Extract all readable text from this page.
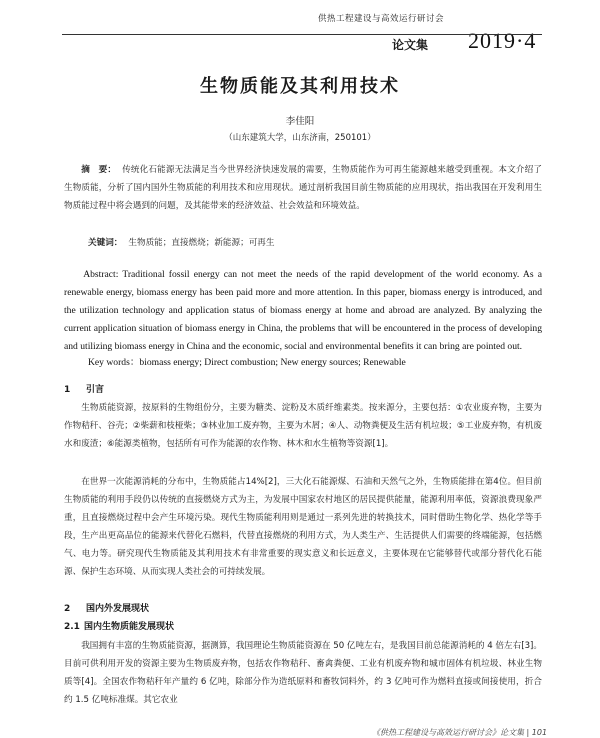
供热工程建设与高效运行研讨会
2019·4
论文集
生物质能及其利用技术
李佳阳
（山东建筑大学，山东济南，250101）
摘　要： 传统化石能源无法满足当今世界经济快速发展的需要，生物质能作为可再生能源越来越受到重视。本文介绍了生物质能，分析了国内国外生物质能的利用技术和应用现状。通过剖析我国目前生物质能的应用现状，指出我国在开发利用生物质能过程中将会遇到的问题，及其能带来的经济效益、社会效益和环境效益。
关键词： 生物质能；直接燃烧；新能源；可再生
Abstract: Traditional fossil energy can not meet the needs of the rapid development of the world economy. As a renewable energy, biomass energy has been paid more and more attention. In this paper, biomass energy is introduced, and the utilization technology and application status of biomass energy at home and abroad are analyzed. By analyzing the current application situation of biomass energy in China, the problems that will be encountered in the process of developing and utilizing biomass energy in China and the economic, social and environmental benefits it can bring are pointed out.
Key words：biomass energy; Direct combustion; New energy sources; Renewable
1 引言
生物质能资源，按原料的生物组份分，主要为糖类、淀粉及木质纤维素类。按来源分，主要包括：①农业废弃物，主要为作物秸秆、谷壳；②柴薪和枝桠柴；③林业加工废弃物，主要为木屑；④人、动物粪便及生活有机垃圾；⑤工业废弃物，有机废水和废渣；⑥能源类植物，包括所有可作为能源的农作物、林木和水生植物等资源[1]。
在世界一次能源消耗的分布中，生物质能占14%[2]，三大化石能源煤、石油和天然气之外，生物质能排在第4位。但目前生物质能的利用手段仍以传统的直接燃烧方式为主，为发展中国家农村地区的居民提供能量，能源利用率低，资源浪费现象严重，且直接燃烧过程中会产生环境污染。现代生物质能利用则是通过一系列先进的转换技术，同时借助生物化学、热化学等手段，生产出更高品位的能源来代替化石燃料，代替直接燃烧的利用方式，为人类生产、生活提供人们需要的终端能源，包括燃气、电力等。研究现代生物质能及其利用技术有非常重要的现实意义和长远意义，主要体现在它能够替代或部分替代化石能源、保护生态环境、从而实现人类社会的可持续发展。
2 国内外发展现状
2.1 国内生物质能发展现状
我国拥有丰富的生物质能资源，据测算，我国理论生物质能资源在 50 亿吨左右，是我国目前总能源消耗的 4 倍左右[3]。目前可供利用开发的资源主要为生物质废弃物，包括农作物秸秆、畜禽粪便、工业有机废弃物和城市固体有机垃圾、林业生物质等[4]。全国农作物秸秆年产量约 6 亿吨，除部分作为造纸原料和畜牧饲料外，约 3 亿吨可作为燃料直接或间接使用，折合约 1.5 亿吨标准煤。其它农业
《供热工程建设与高效运行研讨会》论文集 | 101
